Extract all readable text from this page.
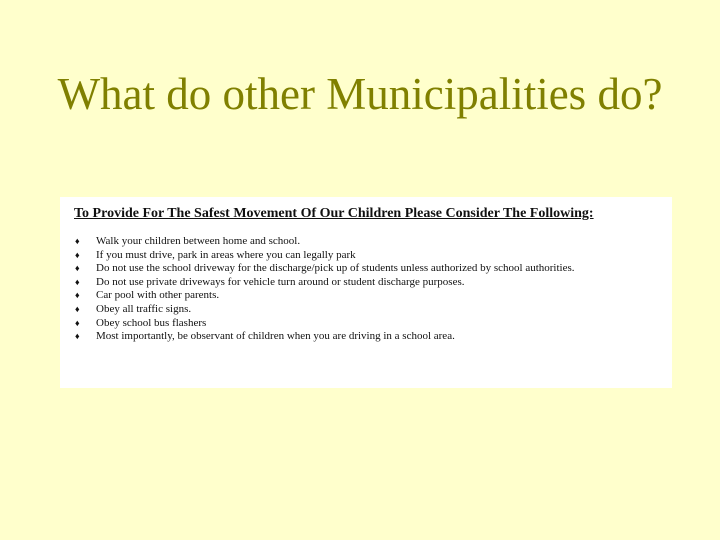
What do other Municipalities do?
To Provide For The Safest Movement Of Our Children Please Consider The Following:
♦ Walk your children between home and school.
♦ If you must drive, park in areas where you can legally park
♦ Do not use the school driveway for the discharge/pick up of students unless authorized by school authorities.
♦ Do not use private driveways for vehicle turn around or student discharge purposes.
♦ Car pool with other parents.
♦ Obey all traffic signs.
♦ Obey school bus flashers
♦ Most importantly, be observant of children when you are driving in a school area.
